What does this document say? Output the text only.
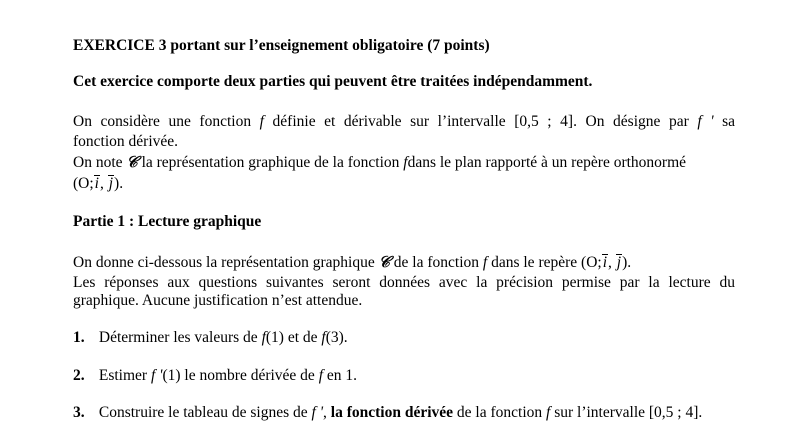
EXERCICE 3 portant sur l’enseignement obligatoire (7 points)
Cet exercice comporte deux parties qui peuvent être traitées indépendamment.
On considère une fonction f définie et dérivable sur l’intervalle [0,5 ; 4]. On désigne par f ' sa
fonction dérivée.
On note 𝒞 la représentation graphique de la fonction fdans le plan rapporté à un repère orthonormé
(O;i, j).
Partie 1 : Lecture graphique
On donne ci-dessous la représentation graphique 𝒞 de la fonction f dans le repère (O;i, j).
Les réponses aux questions suivantes seront données avec la précision permise par la lecture du
graphique. Aucune justification n’est attendue.
1. Déterminer les valeurs de f(1) et de f(3).
2. Estimer f '(1) le nombre dérivée de f en 1.
3. Construire le tableau de signes de f ', la fonction dérivée de la fonction f sur l’intervalle [0,5 ; 4].
